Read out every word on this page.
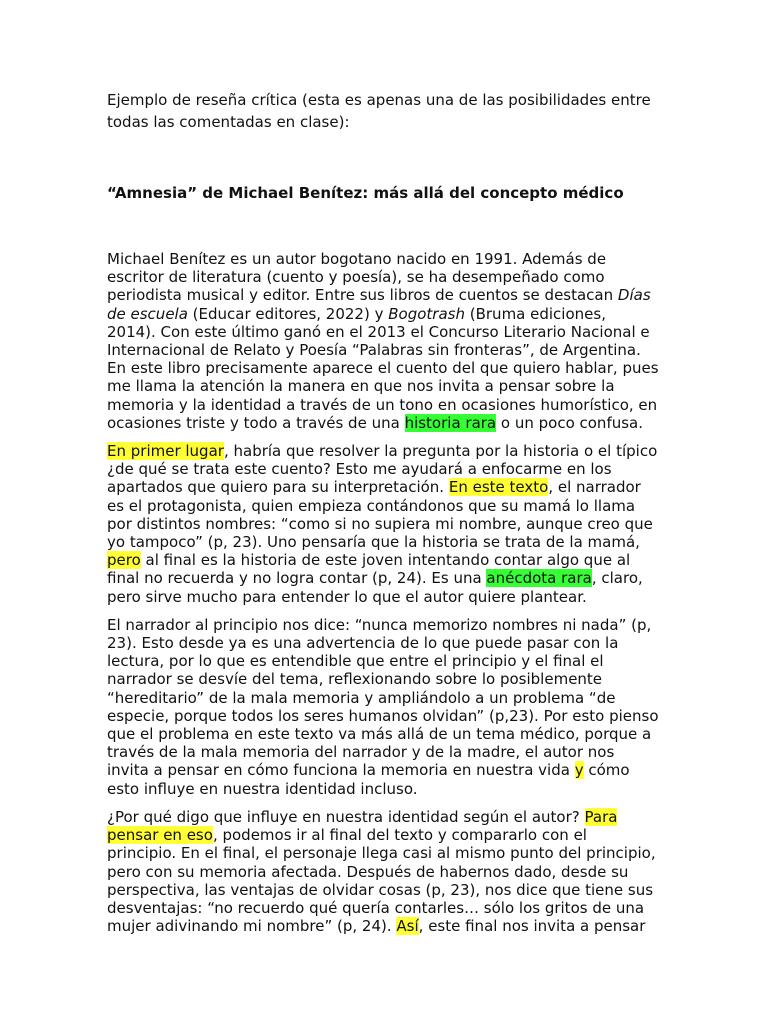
Ejemplo de reseña crítica (esta es apenas una de las posibilidades entre todas las comentadas en clase):

“Amnesia” de Michael Benítez: más allá del concepto médico

Michael Benítez es un autor bogotano nacido en 1991. Además de escritor de literatura (cuento y poesía), se ha desempeñado como periodista musical y editor. Entre sus libros de cuentos se destacan Días de escuela (Educar editores, 2022) y Bogotrash (Bruma ediciones, 2014). Con este último ganó en el 2013 el Concurso Literario Nacional e Internacional de Relato y Poesía “Palabras sin fronteras”, de Argentina. En este libro precisamente aparece el cuento del que quiero hablar, pues me llama la atención la manera en que nos invita a pensar sobre la memoria y la identidad a través de un tono en ocasiones humorístico, en ocasiones triste y todo a través de una historia rara o un poco confusa.

En primer lugar, habría que resolver la pregunta por la historia o el típico ¿de qué se trata este cuento? Esto me ayudará a enfocarme en los apartados que quiero para su interpretación. En este texto, el narrador es el protagonista, quien empieza contándonos que su mamá lo llama por distintos nombres: “como si no supiera mi nombre, aunque creo que yo tampoco” (p, 23). Uno pensaría que la historia se trata de la mamá, pero al final es la historia de este joven intentando contar algo que al final no recuerda y no logra contar (p, 24). Es una anécdota rara, claro, pero sirve mucho para entender lo que el autor quiere plantear.

El narrador al principio nos dice: “nunca memorizo nombres ni nada” (p, 23). Esto desde ya es una advertencia de lo que puede pasar con la lectura, por lo que es entendible que entre el principio y el final el narrador se desvíe del tema, reflexionando sobre lo posiblemente “hereditario” de la mala memoria y ampliándolo a un problema “de especie, porque todos los seres humanos olvidan” (p,23). Por esto pienso que el problema en este texto va más allá de un tema médico, porque a través de la mala memoria del narrador y de la madre, el autor nos invita a pensar en cómo funciona la memoria en nuestra vida y cómo esto influye en nuestra identidad incluso.

¿Por qué digo que influye en nuestra identidad según el autor? Para pensar en eso, podemos ir al final del texto y compararlo con el principio. En el final, el personaje llega casi al mismo punto del principio, pero con su memoria afectada. Después de habernos dado, desde su perspectiva, las ventajas de olvidar cosas (p, 23), nos dice que tiene sus desventajas: “no recuerdo qué quería contarles… sólo los gritos de una mujer adivinando mi nombre” (p, 24). Así, este final nos invita a pensar
